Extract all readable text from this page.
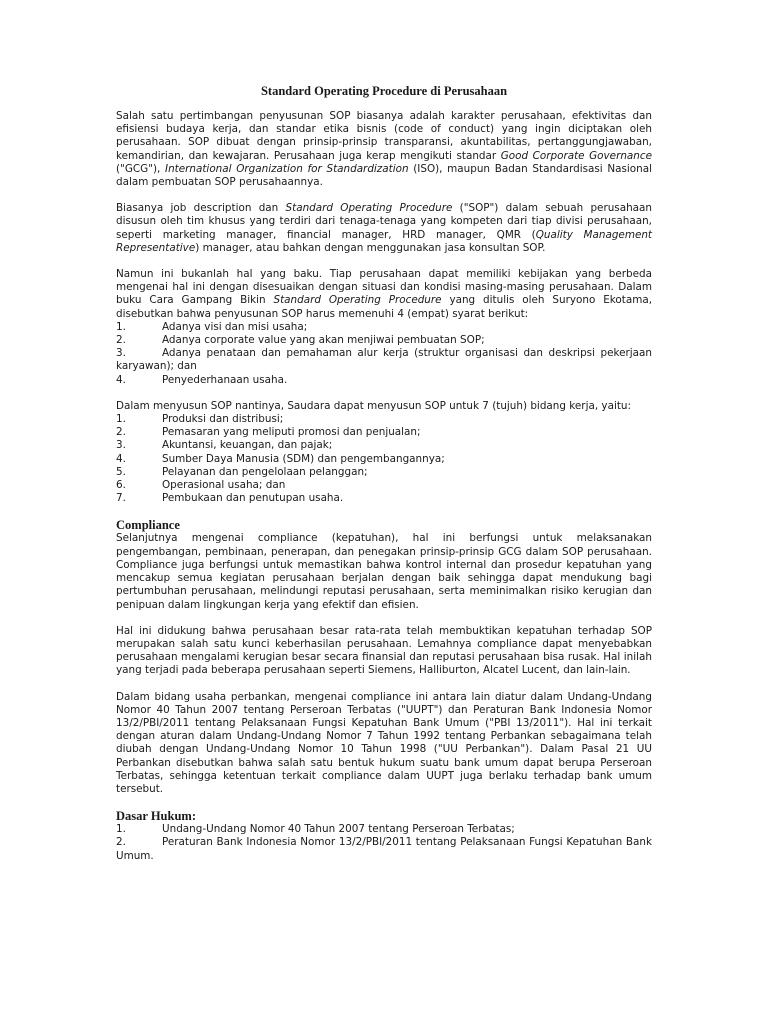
Standard Operating Procedure di Perusahaan

Salah satu pertimbangan penyusunan SOP biasanya adalah karakter perusahaan, efektivitas dan efisiensi budaya kerja, dan standar etika bisnis (code of conduct) yang ingin diciptakan oleh perusahaan. SOP dibuat dengan prinsip-prinsip transparansi, akuntabilitas, pertanggungjawaban, kemandirian, dan kewajaran. Perusahaan juga kerap mengikuti standar Good Corporate Governance ("GCG"), International Organization for Standardization (ISO), maupun Badan Standardisasi Nasional dalam pembuatan SOP perusahaannya.

Biasanya job description dan Standard Operating Procedure ("SOP") dalam sebuah perusahaan disusun oleh tim khusus yang terdiri dari tenaga-tenaga yang kompeten dari tiap divisi perusahaan, seperti marketing manager, financial manager, HRD manager, QMR (Quality Management Representative) manager, atau bahkan dengan menggunakan jasa konsultan SOP.

Namun ini bukanlah hal yang baku. Tiap perusahaan dapat memiliki kebijakan yang berbeda mengenai hal ini dengan disesuaikan dengan situasi dan kondisi masing-masing perusahaan. Dalam buku Cara Gampang Bikin Standard Operating Procedure yang ditulis oleh Suryono Ekotama, disebutkan bahwa penyusunan SOP harus memenuhi 4 (empat) syarat berikut:

1.	Adanya visi dan misi usaha;
2.	Adanya corporate value yang akan menjiwai pembuatan SOP;
3.	Adanya penataan dan pemahaman alur kerja (struktur organisasi dan deskripsi pekerjaan karyawan); dan
4.	Penyederhanaan usaha.

Dalam menyusun SOP nantinya, Saudara dapat menyusun SOP untuk 7 (tujuh) bidang kerja, yaitu:

1.	Produksi dan distribusi;
2.	Pemasaran yang meliputi promosi dan penjualan;
3.	Akuntansi, keuangan, dan pajak;
4.	Sumber Daya Manusia (SDM) dan pengembangannya;
5.	Pelayanan dan pengelolaan pelanggan;
6.	Operasional usaha; dan
7.	Pembukaan dan penutupan usaha.
Compliance

Selanjutnya mengenai compliance (kepatuhan), hal ini berfungsi untuk melaksanakan pengembangan, pembinaan, penerapan, dan penegakan prinsip-prinsip GCG dalam SOP perusahaan. Compliance juga berfungsi untuk memastikan bahwa kontrol internal dan prosedur kepatuhan yang mencakup semua kegiatan perusahaan berjalan dengan baik sehingga dapat mendukung bagi pertumbuhan perusahaan, melindungi reputasi perusahaan, serta meminimalkan risiko kerugian dan penipuan dalam lingkungan kerja yang efektif dan efisien.

Hal ini didukung bahwa perusahaan besar rata-rata telah membuktikan kepatuhan terhadap SOP merupakan salah satu kunci keberhasilan perusahaan. Lemahnya compliance dapat menyebabkan perusahaan mengalami kerugian besar secara finansial dan reputasi perusahaan bisa rusak. Hal inilah yang terjadi pada beberapa perusahaan seperti Siemens, Halliburton, Alcatel Lucent, dan lain-lain.

Dalam bidang usaha perbankan, mengenai compliance ini antara lain diatur dalam Undang-Undang Nomor 40 Tahun 2007 tentang Perseroan Terbatas ("UUPT") dan Peraturan Bank Indonesia Nomor 13/2/PBI/2011 tentang Pelaksanaan Fungsi Kepatuhan Bank Umum ("PBI 13/2011"). Hal ini terkait dengan aturan dalam Undang-Undang Nomor 7 Tahun 1992 tentang Perbankan sebagaimana telah diubah dengan Undang-Undang Nomor 10 Tahun 1998 ("UU Perbankan"). Dalam Pasal 21 UU Perbankan disebutkan bahwa salah satu bentuk hukum suatu bank umum dapat berupa Perseroan Terbatas, sehingga ketentuan terkait compliance dalam UUPT juga berlaku terhadap bank umum tersebut.

Dasar Hukum:
1.	Undang-Undang Nomor 40 Tahun 2007 tentang Perseroan Terbatas;
2.	Peraturan Bank Indonesia Nomor 13/2/PBI/2011 tentang Pelaksanaan Fungsi Kepatuhan Bank Umum.
